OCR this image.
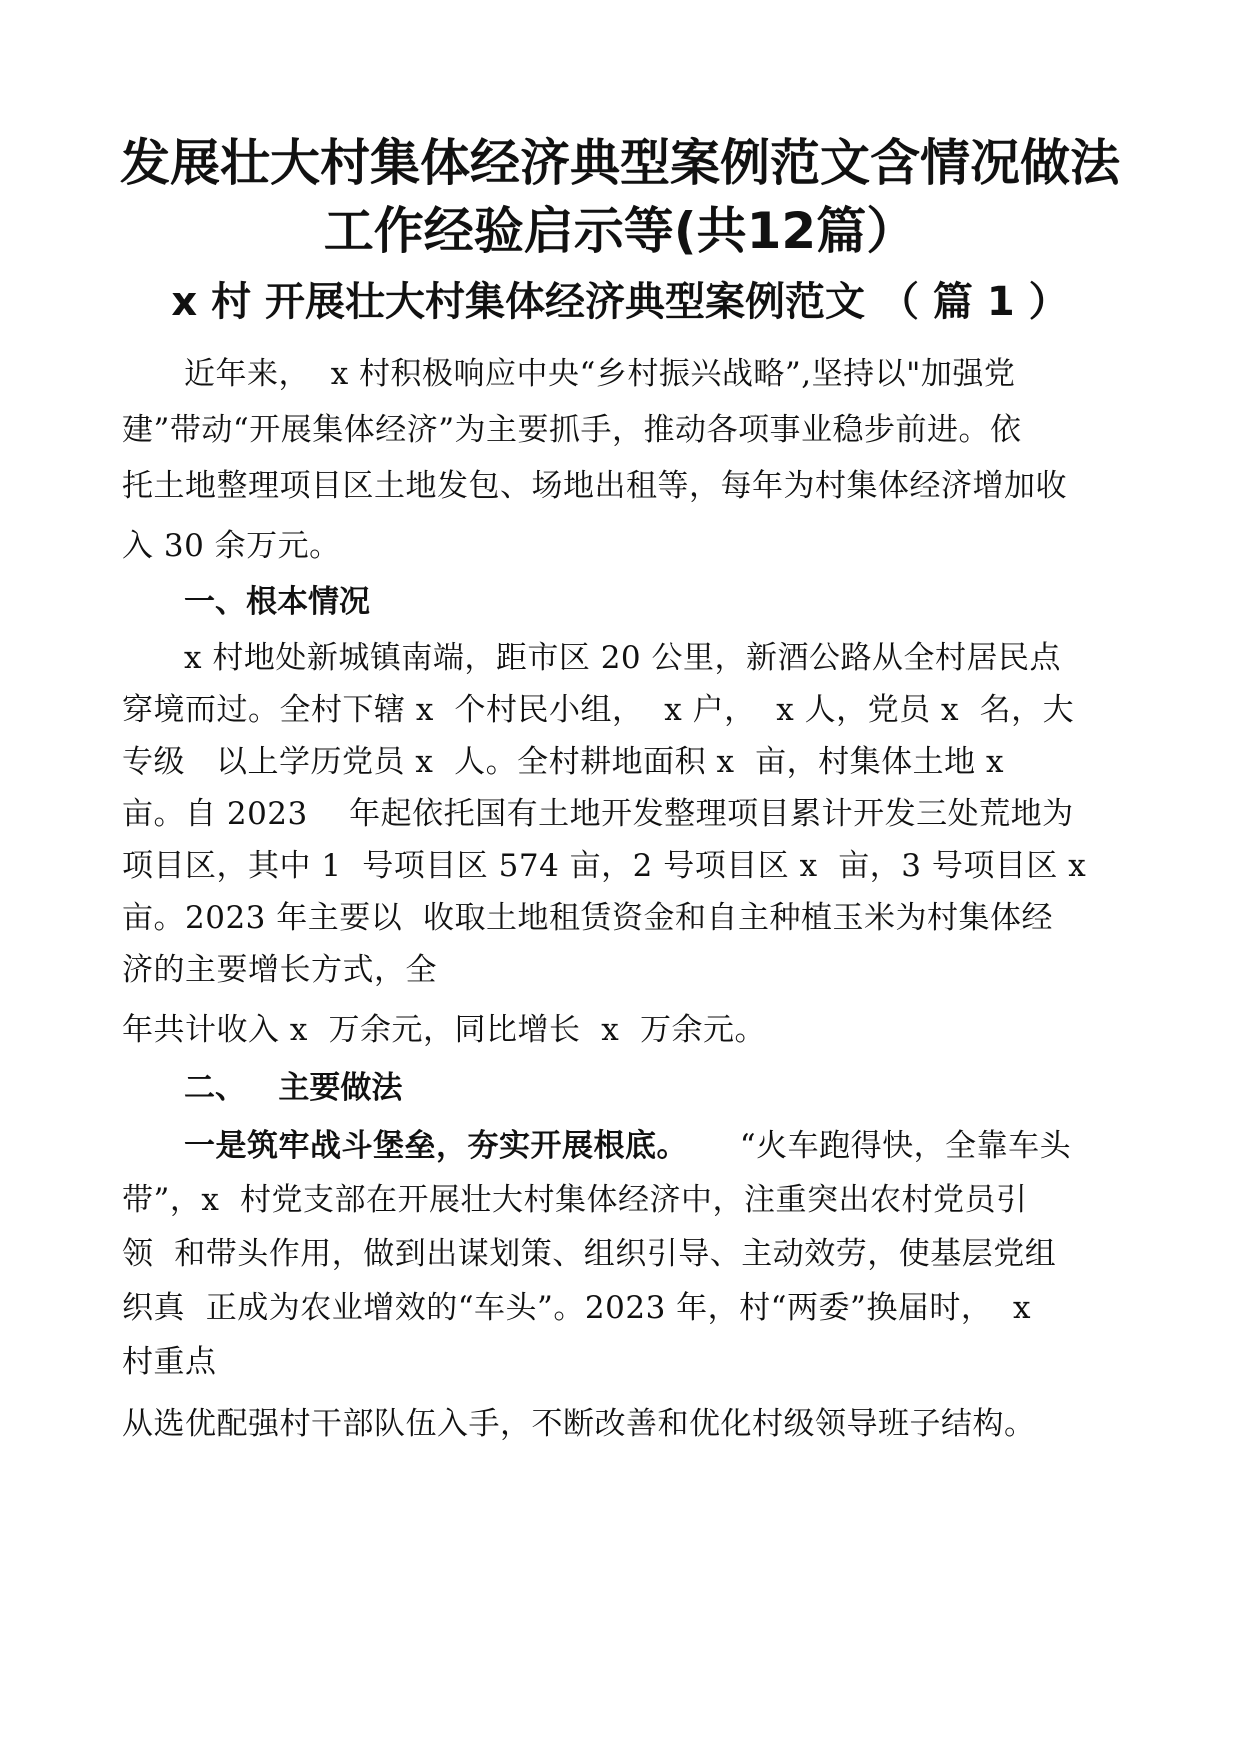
发展壮大村集体经济典型案例范文含情况做法
工作经验启示等(共12篇）
x 村 开展壮大村集体经济典型案例范文 （ 篇 1 ）
近年来，  x 村积极响应中央“乡村振兴战略”,坚持以"加强党
建”带动“开展集体经济”为主要抓手，推动各项事业稳步前进。依
托土地整理项目区土地发包、场地出租等，每年为村集体经济增加收
入 30 余万元。
一、根本情况
x 村地处新城镇南端，距市区 20 公里，新酒公路从全村居民点
穿境而过。全村下辖 x  个村民小组，  x 户，  x 人，党员 x  名，大
专级   以上学历党员 x  人。全村耕地面积 x  亩，村集体土地 x
亩。自 2023    年起依托国有土地开发整理项目累计开发三处荒地为
项目区，其中 1  号项目区 574 亩，2 号项目区 x  亩，3 号项目区 x
亩。2023 年主要以  收取土地租赁资金和自主种植玉米为村集体经
济的主要增长方式，全
年共计收入 x  万余元，同比增长  x  万余元。
二、   主要做法
一是筑牢战斗堡垒，夯实开展根底。     “火车跑得快，全靠车头
带”，x  村党支部在开展壮大村集体经济中，注重突出农村党员引
领  和带头作用，做到出谋划策、组织引导、主动效劳，使基层党组
织真  正成为农业增效的“车头”。2023 年，村“两委”换届时，  x
村重点
从选优配强村干部队伍入手，不断改善和优化村级领导班子结构。
